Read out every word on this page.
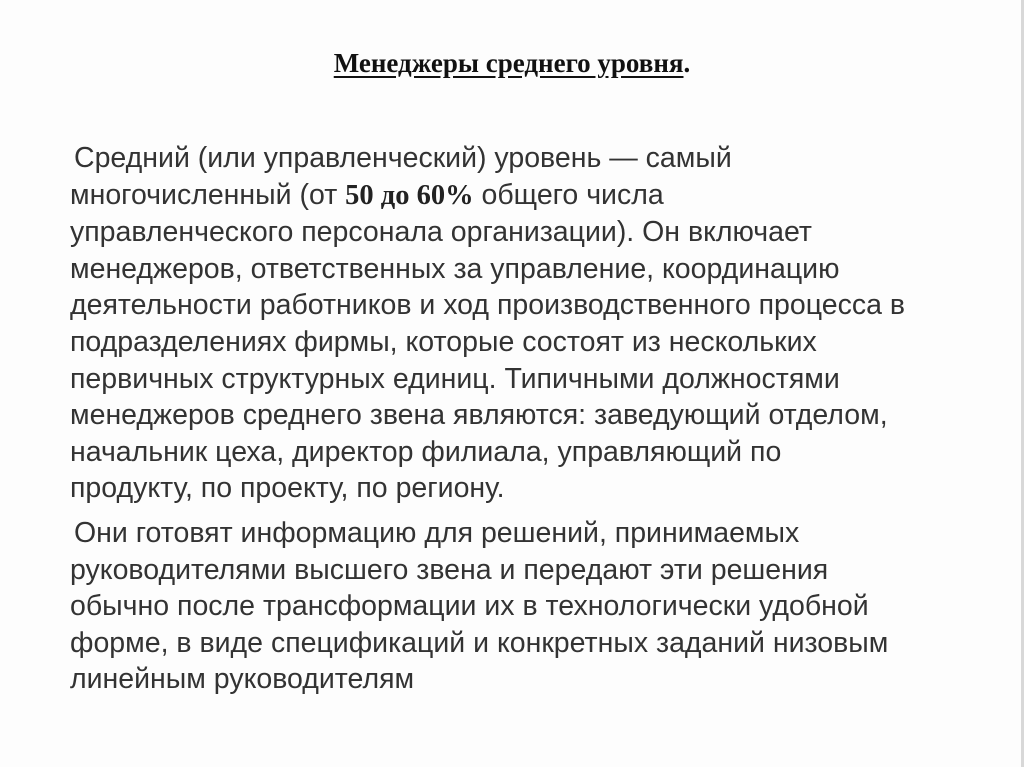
Менеджеры среднего уровня.
Средний (или управленческий) уровень — самый
многочисленный (от 50 до 60% общего числа
управленческого персонала организации). Он включает
менеджеров, ответственных за управление, координацию
деятельности работников и ход производственного процесса в
подразделениях фирмы, которые состоят из нескольких
первичных структурных единиц. Типичными должностями
менеджеров среднего звена являются: заведующий отделом,
начальник цеха, директор филиала, управляющий по
продукту, по проекту, по региону.
Они готовят информацию для решений, принимаемых
руководителями высшего звена и передают эти решения
обычно после трансформации их в технологически удобной
форме, в виде спецификаций и конкретных заданий низовым
линейным руководителям
